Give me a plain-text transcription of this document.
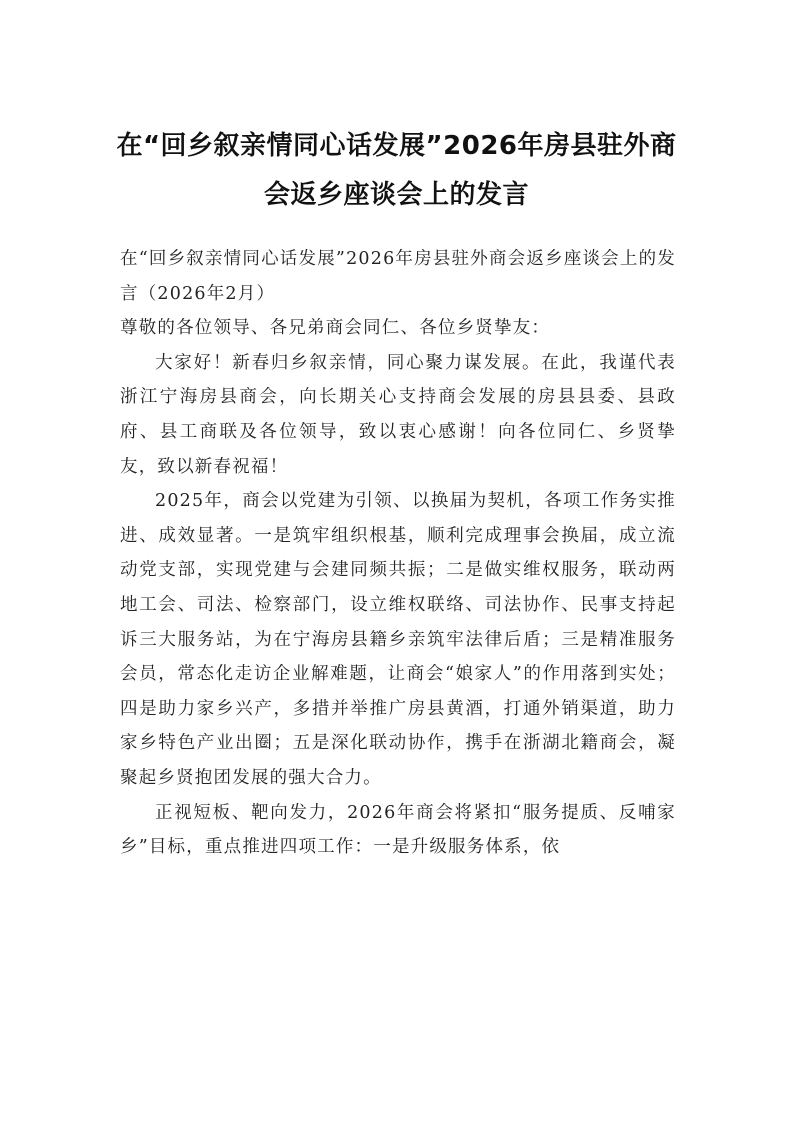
在“回乡叙亲情同心话发展”2026年房县驻外商会返乡座谈会上的发言

在“回乡叙亲情同心话发展”2026年房县驻外商会返乡座谈会上的发言（2026年2月）

尊敬的各位领导、各兄弟商会同仁、各位乡贤挚友：

大家好！新春归乡叙亲情，同心聚力谋发展。在此，我谨代表浙江宁海房县商会，向长期关心支持商会发展的房县县委、县政府、县工商联及各位领导，致以衷心感谢！向各位同仁、乡贤挚友，致以新春祝福！

2025年，商会以党建为引领、以换届为契机，各项工作务实推进、成效显著。一是筑牢组织根基，顺利完成理事会换届，成立流动党支部，实现党建与会建同频共振；二是做实维权服务，联动两地工会、司法、检察部门，设立维权联络、司法协作、民事支持起诉三大服务站，为在宁海房县籍乡亲筑牢法律后盾；三是精准服务会员，常态化走访企业解难题，让商会“娘家人”的作用落到实处；四是助力家乡兴产，多措并举推广房县黄酒，打通外销渠道，助力家乡特色产业出圈；五是深化联动协作，携手在浙湖北籍商会，凝聚起乡贤抱团发展的强大合力。

正视短板、靶向发力，2026年商会将紧扣“服务提质、反哺家乡”目标，重点推进四项工作：一是升级服务体系，依
